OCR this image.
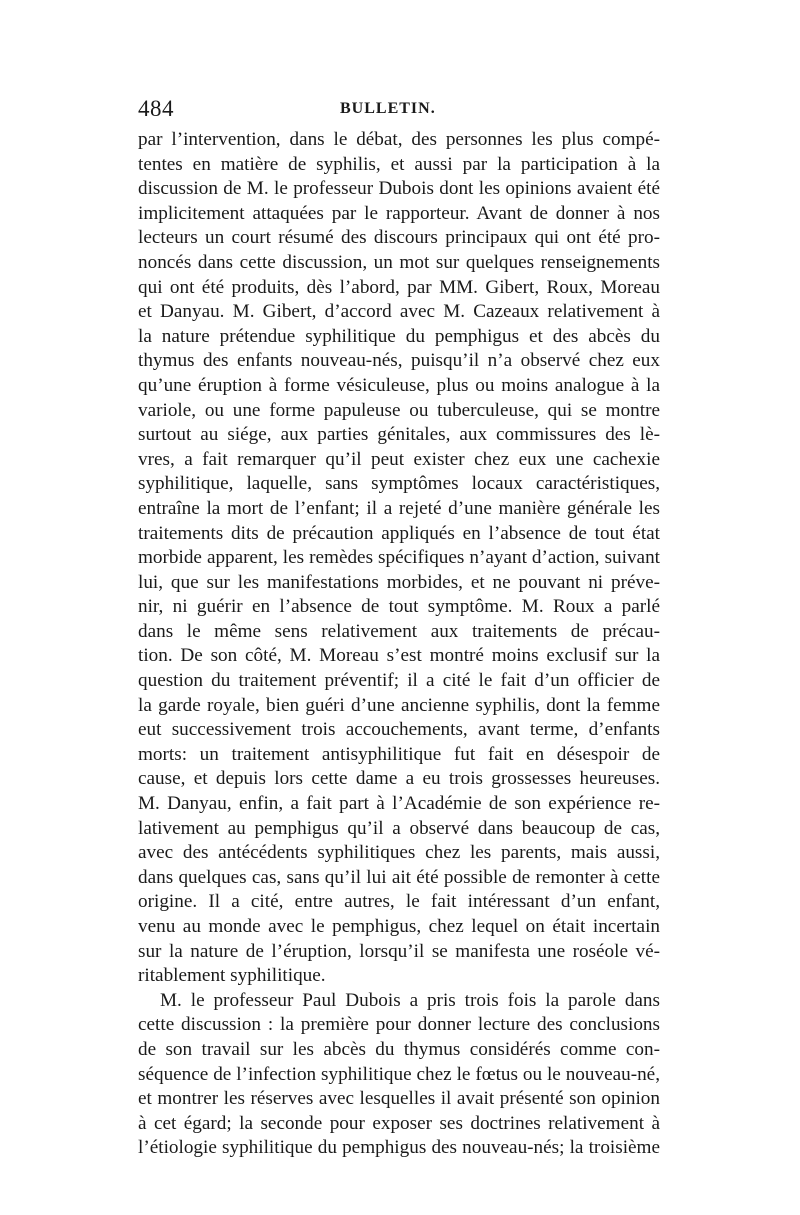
484	BULLETIN.
par l’intervention, dans le débat, des personnes les plus compé-
tentes en matière de syphilis, et aussi par la participation à la
discussion de M. le professeur Dubois dont les opinions avaient été
implicitement attaquées par le rapporteur. Avant de donner à nos
lecteurs un court résumé des discours principaux qui ont été pro-
noncés dans cette discussion, un mot sur quelques renseignements
qui ont été produits, dès l’abord, par MM. Gibert, Roux, Moreau
et Danyau. M. Gibert, d’accord avec M. Cazeaux relativement à
la nature prétendue syphilitique du pemphigus et des abcès du
thymus des enfants nouveau-nés, puisqu’il n’a observé chez eux
qu’une éruption à forme vésiculeuse, plus ou moins analogue à la
variole, ou une forme papuleuse ou tuberculeuse, qui se montre
surtout au siége, aux parties génitales, aux commissures des lè-
vres, a fait remarquer qu’il peut exister chez eux une cachexie
syphilitique, laquelle, sans symptômes locaux caractéristiques,
entraîne la mort de l’enfant; il a rejeté d’une manière générale les
traitements dits de précaution appliqués en l’absence de tout état
morbide apparent, les remèdes spécifiques n’ayant d’action, suivant
lui, que sur les manifestations morbides, et ne pouvant ni préve-
nir, ni guérir en l’absence de tout symptôme. M. Roux a parlé
dans le même sens relativement aux traitements de précau-
tion. De son côté, M. Moreau s’est montré moins exclusif sur la
question du traitement préventif; il a cité le fait d’un officier de
la garde royale, bien guéri d’une ancienne syphilis, dont la femme
eut successivement trois accouchements, avant terme, d’enfants
morts: un traitement antisyphilitique fut fait en désespoir de
cause, et depuis lors cette dame a eu trois grossesses heureuses.
M. Danyau, enfin, a fait part à l’Académie de son expérience re-
lativement au pemphigus qu’il a observé dans beaucoup de cas,
avec des antécédents syphilitiques chez les parents, mais aussi,
dans quelques cas, sans qu’il lui ait été possible de remonter à cette
origine. Il a cité, entre autres, le fait intéressant d’un enfant,
venu au monde avec le pemphigus, chez lequel on était incertain
sur la nature de l’éruption, lorsqu’il se manifesta une roséole vé-
ritablement syphilitique.
M. le professeur Paul Dubois a pris trois fois la parole dans
cette discussion : la première pour donner lecture des conclusions
de son travail sur les abcès du thymus considérés comme con-
séquence de l’infection syphilitique chez le fœtus ou le nouveau-né,
et montrer les réserves avec lesquelles il avait présenté son opinion
à cet égard; la seconde pour exposer ses doctrines relativement à
l’étiologie syphilitique du pemphigus des nouveau-nés; la troisième
